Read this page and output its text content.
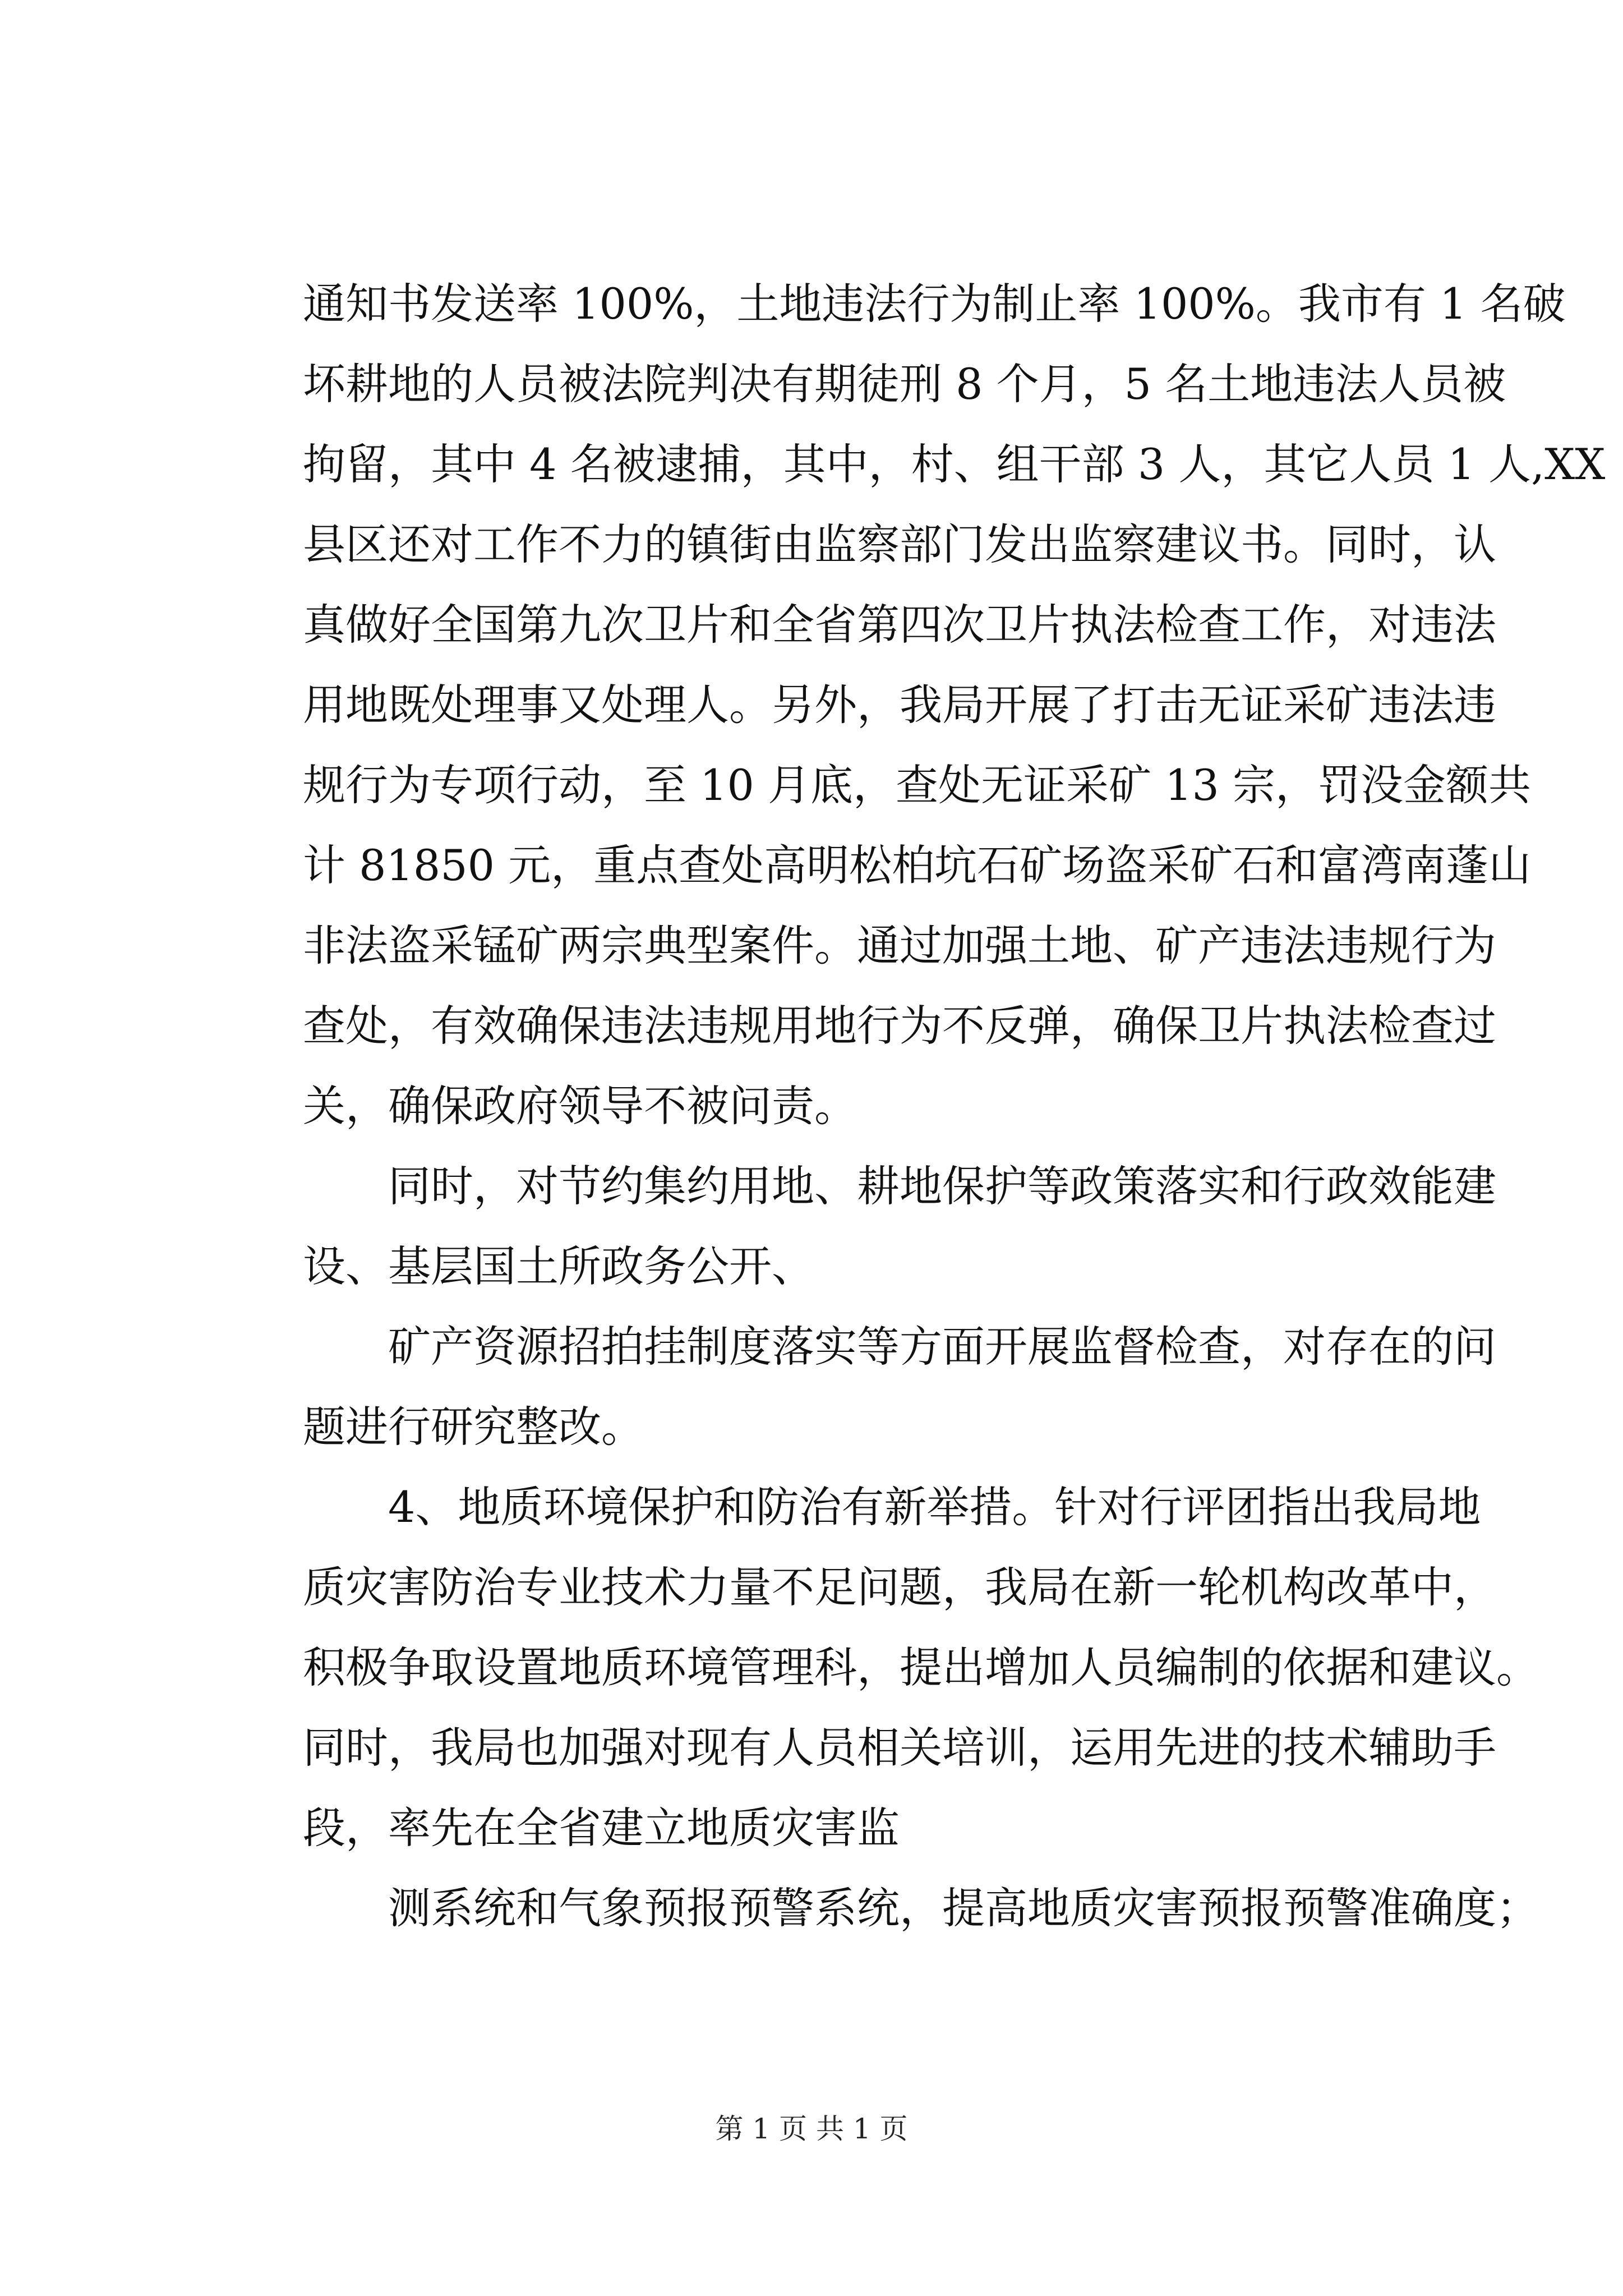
通知书发送率 100%，土地违法行为制止率 100%。我市有 1 名破
坏耕地的人员被法院判决有期徒刑 8 个月，5 名土地违法人员被
拘留，其中 4 名被逮捕，其中，村、组干部 3 人，其它人员 1 人,XX
县区还对工作不力的镇街由监察部门发出监察建议书。同时，认
真做好全国第九次卫片和全省第四次卫片执法检查工作，对违法
用地既处理事又处理人。另外，我局开展了打击无证采矿违法违
规行为专项行动，至 10 月底，查处无证采矿 13 宗，罚没金额共
计 81850 元，重点查处高明松柏坑石矿场盗采矿石和富湾南蓬山
非法盗采锰矿两宗典型案件。通过加强土地、矿产违法违规行为
查处，有效确保违法违规用地行为不反弹，确保卫片执法检查过
关，确保政府领导不被问责。
同时，对节约集约用地、耕地保护等政策落实和行政效能建
设、基层国土所政务公开、
矿产资源招拍挂制度落实等方面开展监督检查，对存在的问
题进行研究整改。
4、地质环境保护和防治有新举措。针对行评团指出我局地
质灾害防治专业技术力量不足问题，我局在新一轮机构改革中，
积极争取设置地质环境管理科，提出增加人员编制的依据和建议。
同时，我局也加强对现有人员相关培训，运用先进的技术辅助手
段，率先在全省建立地质灾害监
测系统和气象预报预警系统，提高地质灾害预报预警准确度；
第 1 页 共 1 页
